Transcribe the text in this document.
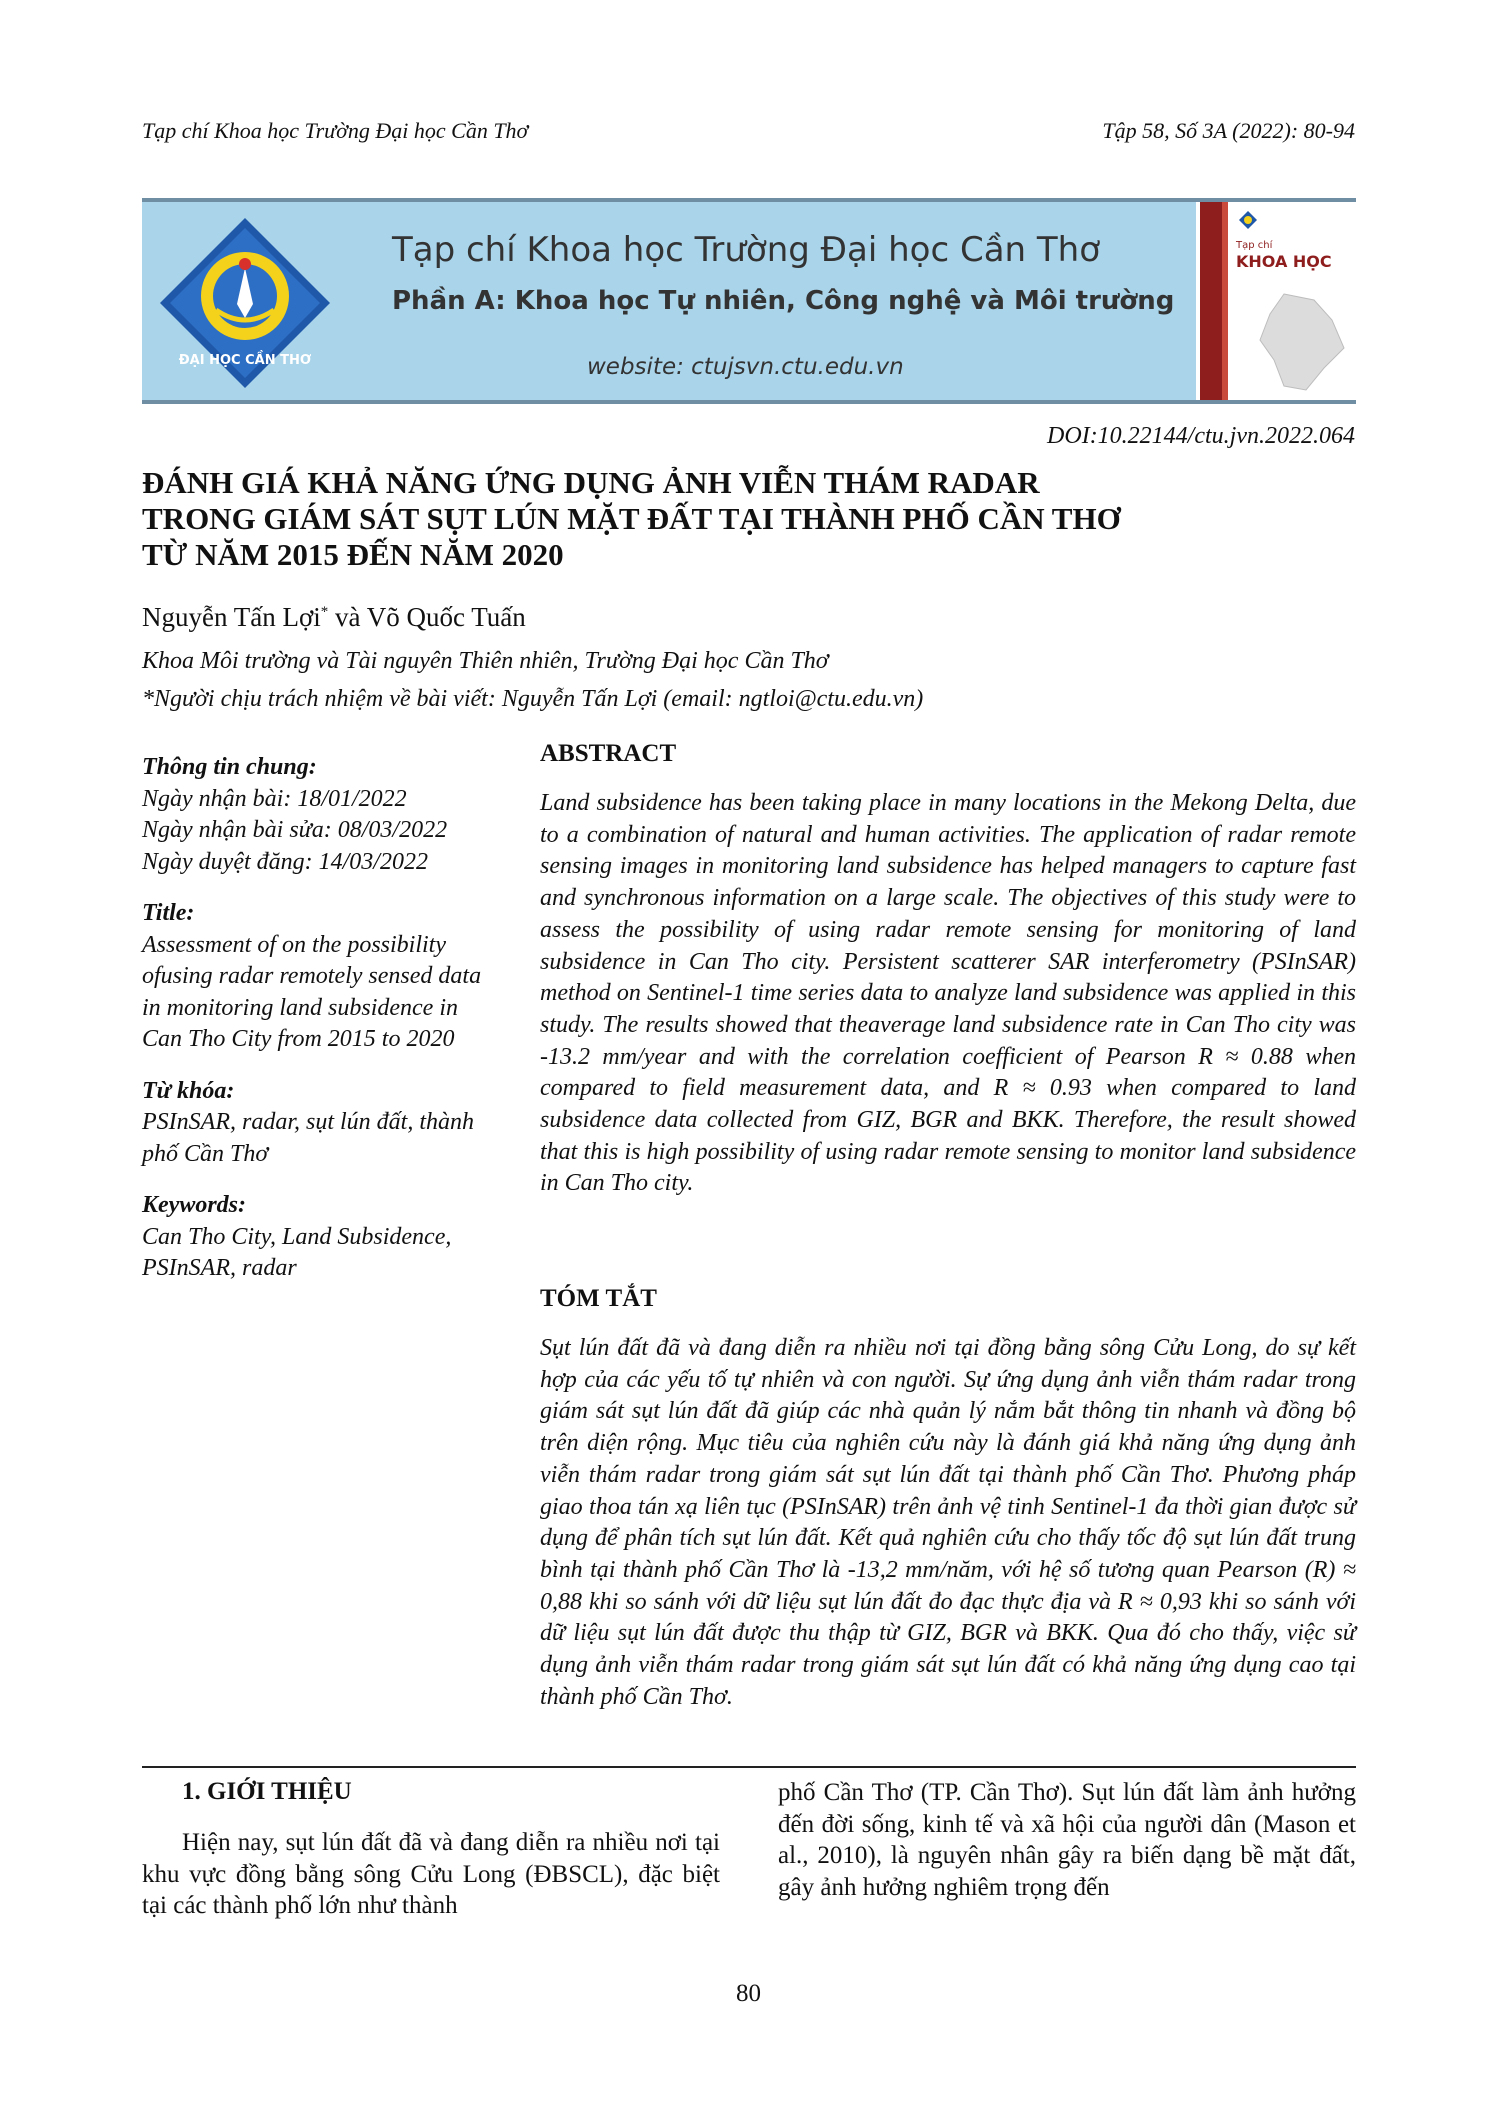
Tạp chí Khoa học Trường Đại học Cần Thơ	Tập 58, Số 3A (2022): 80-94
ĐẠI HỌC CẦN THƠ
Tạp chí Khoa học Trường Đại học Cần Thơ
Phần A: Khoa học Tự nhiên, Công nghệ và Môi trường
website: ctujsvn.ctu.edu.vn
Tạp chí
KHOA HỌC
DOI:10.22144/ctu.jvn.2022.064
ĐÁNH GIÁ KHẢ NĂNG ỨNG DỤNG ẢNH VIỄN THÁM RADAR
TRONG GIÁM SÁT SỤT LÚN MẶT ĐẤT TẠI THÀNH PHỐ CẦN THƠ
TỪ NĂM 2015 ĐẾN NĂM 2020
Nguyễn Tấn Lợi* và Võ Quốc Tuấn
Khoa Môi trường và Tài nguyên Thiên nhiên, Trường Đại học Cần Thơ
*Người chịu trách nhiệm về bài viết: Nguyễn Tấn Lợi (email: ngtloi@ctu.edu.vn)
Thông tin chung:
Ngày nhận bài: 18/01/2022
Ngày nhận bài sửa: 08/03/2022
Ngày duyệt đăng: 14/03/2022
Title:
Assessment of on the possibility ofusing radar remotely sensed data in monitoring land subsidence in Can Tho City from 2015 to 2020
Từ khóa:
PSInSAR, radar, sụt lún đất, thành phố Cần Thơ
Keywords:
Can Tho City, Land Subsidence, PSInSAR, radar
ABSTRACT
Land subsidence has been taking place in many locations in the Mekong Delta, due to a combination of natural and human activities. The application of radar remote sensing images in monitoring land subsidence has helped managers to capture fast and synchronous information on a large scale. The objectives of this study were to assess the possibility of using radar remote sensing for monitoring of land subsidence in Can Tho city. Persistent scatterer SAR interferometry (PSInSAR) method on Sentinel-1 time series data to analyze land subsidence was applied in this study. The results showed that theaverage land subsidence rate in Can Tho city was -13.2 mm/year and with the correlation coefficient of Pearson R ≈ 0.88 when compared to field measurement data, and R ≈ 0.93 when compared to land subsidence data collected from GIZ, BGR and BKK. Therefore, the result showed that this is high possibility of using radar remote sensing to monitor land subsidence in Can Tho city.
TÓM TẮT
Sụt lún đất đã và đang diễn ra nhiều nơi tại đồng bằng sông Cửu Long, do sự kết hợp của các yếu tố tự nhiên và con người. Sự ứng dụng ảnh viễn thám radar trong giám sát sụt lún đất đã giúp các nhà quản lý nắm bắt thông tin nhanh và đồng bộ trên diện rộng. Mục tiêu của nghiên cứu này là đánh giá khả năng ứng dụng ảnh viễn thám radar trong giám sát sụt lún đất tại thành phố Cần Thơ. Phương pháp giao thoa tán xạ liên tục (PSInSAR) trên ảnh vệ tinh Sentinel-1 đa thời gian được sử dụng để phân tích sụt lún đất. Kết quả nghiên cứu cho thấy tốc độ sụt lún đất trung bình tại thành phố Cần Thơ là -13,2 mm/năm, với hệ số tương quan Pearson (R) ≈ 0,88 khi so sánh với dữ liệu sụt lún đất đo đạc thực địa và R ≈ 0,93 khi so sánh với dữ liệu sụt lún đất được thu thập từ GIZ, BGR và BKK. Qua đó cho thấy, việc sử dụng ảnh viễn thám radar trong giám sát sụt lún đất có khả năng ứng dụng cao tại thành phố Cần Thơ.
1. GIỚI THIỆU
Hiện nay, sụt lún đất đã và đang diễn ra nhiều nơi tại khu vực đồng bằng sông Cửu Long (ĐBSCL), đặc biệt tại các thành phố lớn như thành
phố Cần Thơ (TP. Cần Thơ). Sụt lún đất làm ảnh hưởng đến đời sống, kinh tế và xã hội của người dân (Mason et al., 2010), là nguyên nhân gây ra biến dạng bề mặt đất, gây ảnh hưởng nghiêm trọng đến
80
